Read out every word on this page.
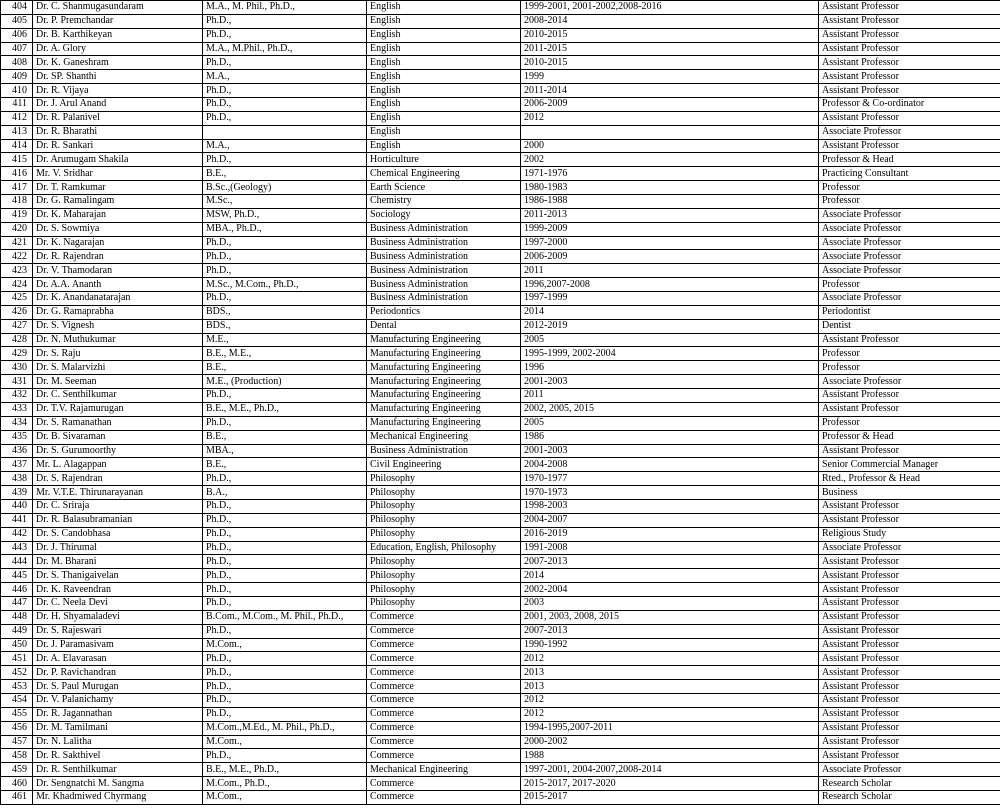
404	Dr. C. Shanmugasundaram	M.A., M. Phil., Ph.D.,	English	1999-2001, 2001-2002,2008-2016	Assistant Professor
405	Dr. P. Premchandar	Ph.D.,	English	2008-2014	Assistant Professor
406	Dr. B. Karthikeyan	Ph.D.,	English	2010-2015	Assistant Professor
407	Dr. A. Glory	M.A., M.Phil., Ph.D.,	English	2011-2015	Assistant Professor
408	Dr. K. Ganeshram	Ph.D.,	English	2010-2015	Assistant Professor
409	Dr. SP. Shanthi	M.A.,	English	1999	Assistant Professor
410	Dr. R. Vijaya	Ph.D.,	English	2011-2014	Assistant Professor
411	Dr. J. Arul Anand	Ph.D.,	English	2006-2009	Professor & Co-ordinator
412	Dr. R. Palanivel	Ph.D.,	English	2012	Assistant Professor
413	Dr. R. Bharathi		English		Associate Professor
414	Dr. R. Sankari	M.A.,	English	2000	Assistant Professor
415	Dr. Arumugam Shakila	Ph.D.,	Horticulture	2002	Professor & Head
416	Mr. V. Sridhar	B.E.,	Chemical Engineering	1971-1976	Practicing Consultant
417	Dr. T. Ramkumar	B.Sc.,(Geology)	Earth Science	1980-1983	Professor
418	Dr. G. Ramalingam	M.Sc.,	Chemistry	1986-1988	Professor
419	Dr. K. Maharajan	MSW, Ph.D.,	Sociology	2011-2013	Associate Professor
420	Dr. S. Sowmiya	MBA., Ph.D.,	Business Administration	1999-2009	Associate Professor
421	Dr. K. Nagarajan	Ph.D.,	Business Administration	1997-2000	Associate Professor
422	Dr. R. Rajendran	Ph.D.,	Business Administration	2006-2009	Associate Professor
423	Dr. V. Thamodaran	Ph.D.,	Business Administration	2011	Associate Professor
424	Dr. A.A. Ananth	M.Sc., M.Com., Ph.D.,	Business Administration	1996,2007-2008	Professor
425	Dr. K. Anandanatarajan	Ph.D.,	Business Administration	1997-1999	Associate Professor
426	Dr. G. Ramaprabha	BDS.,	Periodontics	2014	Periodontist
427	Dr. S. Vignesh	BDS.,	Dental	2012-2019	Dentist
428	Dr. N. Muthukumar	M.E.,	Manufacturing Engineering	2005	Assistant Professor
429	Dr. S. Raju	B.E., M.E.,	Manufacturing Engineering	1995-1999, 2002-2004	Professor
430	Dr. S. Malarvizhi	B.E.,	Manufacturing Engineering	1996	Professor
431	Dr. M. Seeman	M.E., (Production)	Manufacturing Engineering	2001-2003	Associate Professor
432	Dr. C. Senthilkumar	Ph.D.,	Manufacturing Engineering	2011	Assistant Professor
433	Dr. T.V. Rajamurugan	B.E., M.E., Ph.D.,	Manufacturing Engineering	2002, 2005, 2015	Assistant Professor
434	Dr. S. Ramanathan	Ph.D.,	Manufacturing Engineering	2005	Professor
435	Dr. B. Sivaraman	B.E.,	Mechanical Engineering	1986	Professor & Head
436	Dr. S. Gurumoorthy	MBA.,	Business Administration	2001-2003	Assistant Professor
437	Mr. L. Alagappan	B.E.,	Civil Engineering	2004-2008	Senior Commercial Manager
438	Dr. S. Rajendran	Ph.D.,	Philosophy	1970-1977	Rted., Professor & Head
439	Mr. V.T.E. Thirunarayanan	B.A.,	Philosophy	1970-1973	Business
440	Dr. C. Sriraja	Ph.D.,	Philosophy	1998-2003	Assistant Professor
441	Dr. R. Balasubramanian	Ph.D.,	Philosophy	2004-2007	Assistant Professor
442	Dr. S. Candobhasa	Ph.D.,	Philosophy	2016-2019	Religious Study
443	Dr. J. Thirumal	Ph.D.,	Education, English, Philosophy	1991-2008	Associate Professor
444	Dr. M. Bharani	Ph.D.,	Philosophy	2007-2013	Assistant Professor
445	Dr. S. Thanigaivelan	Ph.D.,	Philosophy	2014	Assistant Professor
446	Dr. K. Raveendran	Ph.D.,	Philosophy	2002-2004	Assistant Professor
447	Dr. C. Neela Devi	Ph.D.,	Philosophy	2003	Assistant Professor
448	Dr. H. Shyamaladevi	B.Com., M.Com., M. Phil., Ph.D.,	Commerce	2001, 2003, 2008, 2015	Assistant Professor
449	Dr. S. Rajeswari	Ph.D.,	Commerce	2007-2013	Assistant Professor
450	Dr. J. Paramasivam	M.Com.,	Commerce	1990-1992	Assistant Professor
451	Dr. A. Elavarasan	Ph.D.,	Commerce	2012	Assistant Professor
452	Dr. P. Ravichandran	Ph.D.,	Commerce	2013	Assistant Professor
453	Dr. S. Paul Murugan	Ph.D.,	Commerce	2013	Assistant Professor
454	Dr. V. Palanichamy	Ph.D.,	Commerce	2012	Assistant Professor
455	Dr. R. Jagannathan	Ph.D.,	Commerce	2012	Assistant Professor
456	Dr. M. Tamilmani	M.Com.,M.Ed., M. Phil., Ph.D.,	Commerce	1994-1995,2007-2011	Assistant Professor
457	Dr. N. Lalitha	M.Com.,	Commerce	2000-2002	Assistant Professor
458	Dr. R. Sakthivel	Ph.D.,	Commerce	1988	Assistant Professor
459	Dr. R. Senthilkumar	B.E., M.E., Ph.D.,	Mechanical Engineering	1997-2001, 2004-2007,2008-2014	Associate Professor
460	Dr. Sengnatchi M. Sangma	M.Com., Ph.D.,	Commerce	2015-2017, 2017-2020	Research Scholar
461	Mr. Khadmiwed Chyrmang	M.Com.,	Commerce	2015-2017	Research Scholar
